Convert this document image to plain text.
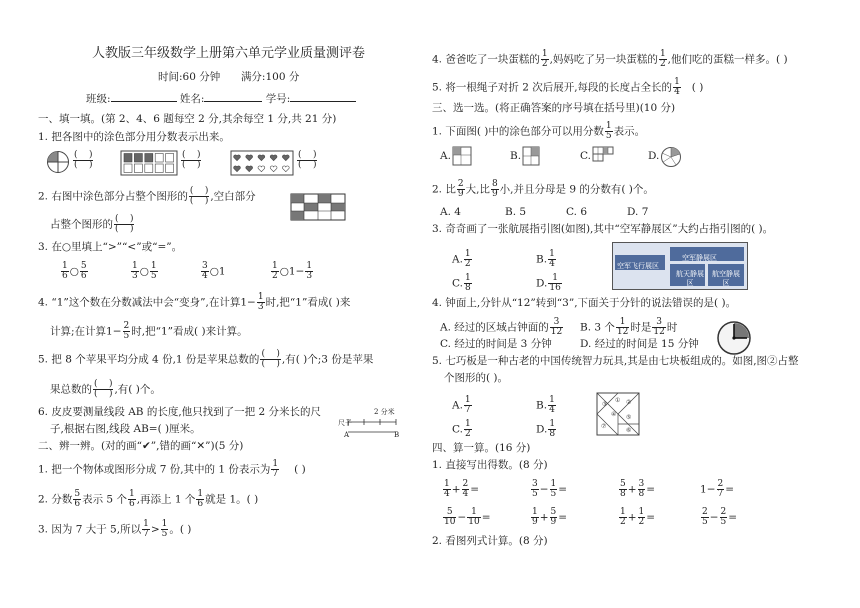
人教版三年级数学上册第六单元学业质量测评卷
时间:60 分钟 满分:100 分
班级:	姓名:	学号:
一、填一填。(第 2、4、6 题每空 2 分,其余每空 1 分,共 21 分)
1. 把各图中的涂色部分用分数表示出来。
$\frac{( )}{( )}$	$\frac{( )}{( )}$	$\frac{( )}{( )}$
2. 右图中涂色部分占整个图形的 $\frac{( )}{( )}$ ,空白部分
占整个图形的 $\frac{( )}{( )}$
3. 在○里填上“>”“<”或“=”。
$\frac{1}{6}$ ○ $\frac{5}{6}$	$\frac{1}{3}$ ○ $\frac{1}{5}$	$\frac{3}{4}$ ○1	$\frac{1}{2}$ ○1− $\frac{1}{3}$
4. “1”这个数在分数减法中会“变身”,在计算$1- \frac{1}{3}$ 时,把“1”看成( )来
计算;在计算$1- \frac{2}{5}$ 时,把“1”看成( )来计算。
5. 把 8 个苹果平均分成 4 份,1 份是苹果总数的 $\frac{( )}{( )}$ ,有( )个;3 份是苹果
果总数的 $\frac{( )}{( )}$ ,有( )个。
6. 皮皮要测量线段 AB 的长度,他只找到了一把 2 分米长的尺
子,根据右图,线段 AB=( )厘米。
2 分米
尺子
A	B
二、辨一辨。(对的画“✔”,错的画“✕”)(5 分)
1. 把一个物体或图形分成 7 份,其中的 1 份表示为 $\frac{1}{7}$ ( )
2. 分数 $\frac{5}{6}$ 表示 5 个 $\frac{1}{6}$ ,再添上 1 个 $\frac{1}{6}$ 就是 1。( )
3. 因为 7 大于 5,所以 $\frac{1}{7} > \frac{1}{5}$ 。( )
4. 爸爸吃了一块蛋糕的 $\frac{1}{2}$ ,妈妈吃了另一块蛋糕的 $\frac{1}{2}$ ,他们吃的蛋糕一样多。( )
5. 将一根绳子对折 2 次后展开,每段的长度占全长的 $\frac{1}{4}$ ( )
三、选一选。(将正确答案的序号填在括号里)(10 分)
1. 下面图( )中的涂色部分可以用分数 $\frac{1}{5}$ 表示。
A.	B.	C.	D.
2. 比 $\frac{2}{9}$ 大,比 $\frac{8}{9}$ 小,并且分母是 9 的分数有( )个。
A. 4	B. 5	C. 6	D. 7
3. 奇奇画了一张航展指引图(如图),其中“空军静展区”大约占指引图的( )。
A. $\frac{1}{2}$	B. $\frac{1}{4}$
C. $\frac{1}{8}$	D. $\frac{1}{16}$
空军飞行展区
空军静展区
航天静展区
航空静展区
4. 钟面上,分针从“12”转到“3”,下面关于分针的说法错误的是( )。
A. 经过的区域占钟面的 $\frac{3}{12} B$. 3 个 $\frac{1}{12}$ 时是 $\frac{3}{12}$ 时
C. 经过的时间是 3 分钟	D. 经过的时间是 15 分钟
5. 七巧板是一种古老的中国传统智力玩具,其是由七块板组成的。如图,图②占整
个图形的( )。
A. $\frac{1}{7}$	B. $\frac{1}{4}$
C. $\frac{1}{2}$	D. $\frac{1}{8}$
① ②
③
④ ⑤
⑦
⑥
四、算一算。(16 分)
1. 直接写出得数。(8 分)
$\frac{1}{4} + \frac{2}{4}$ =	$\frac{3}{5} - \frac{1}{5}$ =	$\frac{5}{8} + \frac{3}{8}$ =	$1- \frac{2}{7}$ =
$\frac{5}{10} - \frac{1}{10}$ =	$\frac{1}{9} + \frac{5}{9}$ =	$\frac{1}{2} + \frac{1}{2}$ =	$\frac{2}{5} - \frac{2}{5}$ =
2. 看图列式计算。(8 分)
